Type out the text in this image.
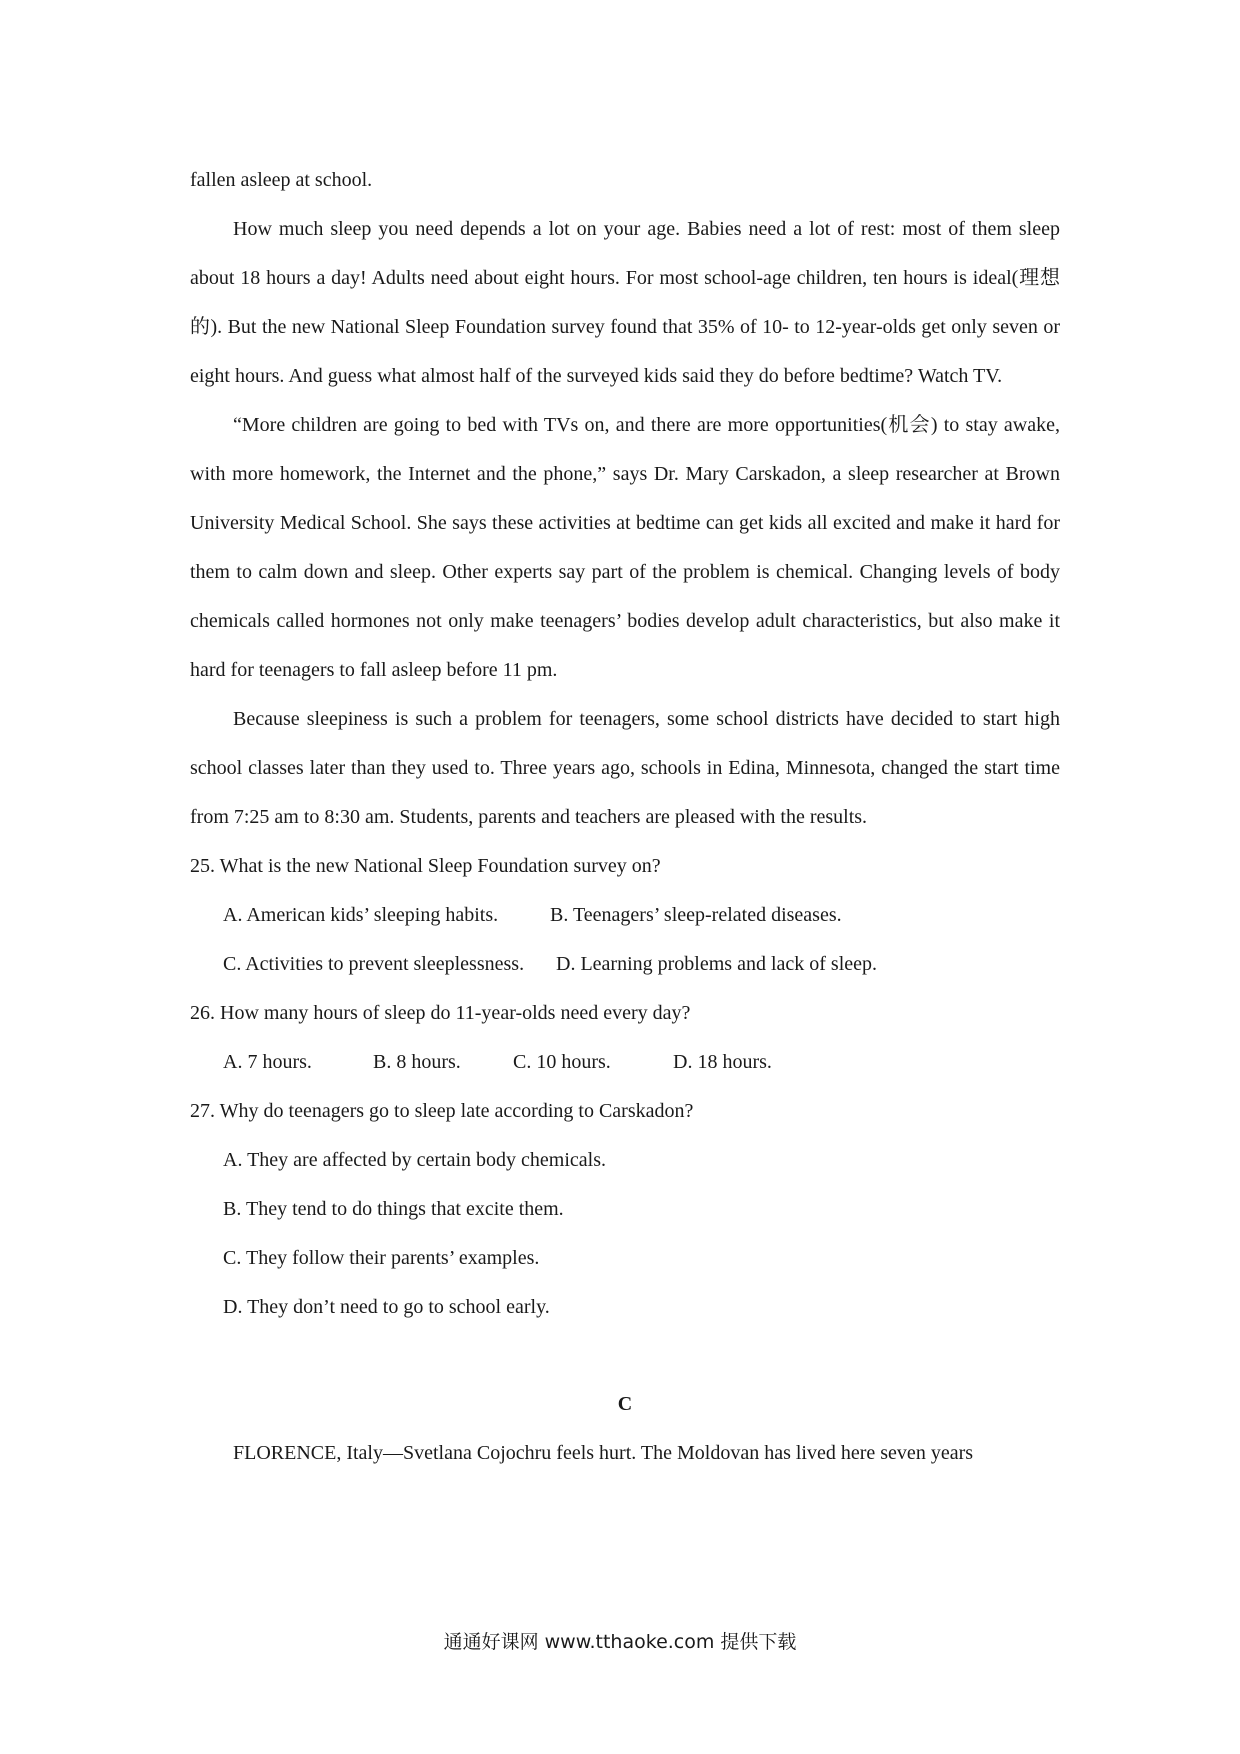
fallen asleep at school.

How much sleep you need depends a lot on your age. Babies need a lot of rest: most of them sleep about 18 hours a day! Adults need about eight hours. For most school-age children, ten hours is ideal(理想的). But the new National Sleep Foundation survey found that 35% of 10- to 12-year-olds get only seven or eight hours. And guess what almost half of the surveyed kids said they do before bedtime? Watch TV.

“More children are going to bed with TVs on, and there are more opportunities(机会) to stay awake, with more homework, the Internet and the phone,” says Dr. Mary Carskadon, a sleep researcher at Brown University Medical School. She says these activities at bedtime can get kids all excited and make it hard for them to calm down and sleep. Other experts say part of the problem is chemical. Changing levels of body chemicals called hormones not only make teenagers’ bodies develop adult characteristics, but also make it hard for teenagers to fall asleep before 11 pm.

Because sleepiness is such a problem for teenagers, some school districts have decided to start high school classes later than they used to. Three years ago, schools in Edina, Minnesota, changed the start time from 7:25 am to 8:30 am. Students, parents and teachers are pleased with the results.

25. What is the new National Sleep Foundation survey on?

A. American kids’ sleeping habits.	B. Teenagers’ sleep-related diseases.

C. Activities to prevent sleeplessness. D. Learning problems and lack of sleep.

26. How many hours of sleep do 11-year-olds need every day?

A. 7 hours.	B. 8 hours.	C. 10 hours.	D. 18 hours.

27. Why do teenagers go to sleep late according to Carskadon?

A. They are affected by certain body chemicals.

B. They tend to do things that excite them.

C. They follow their parents’ examples.

D. They don’t need to go to school early.

C

FLORENCE, Italy—Svetlana Cojochru feels hurt. The Moldovan has lived here seven years

通通好课网 www.tthaoke.com 提供下载
